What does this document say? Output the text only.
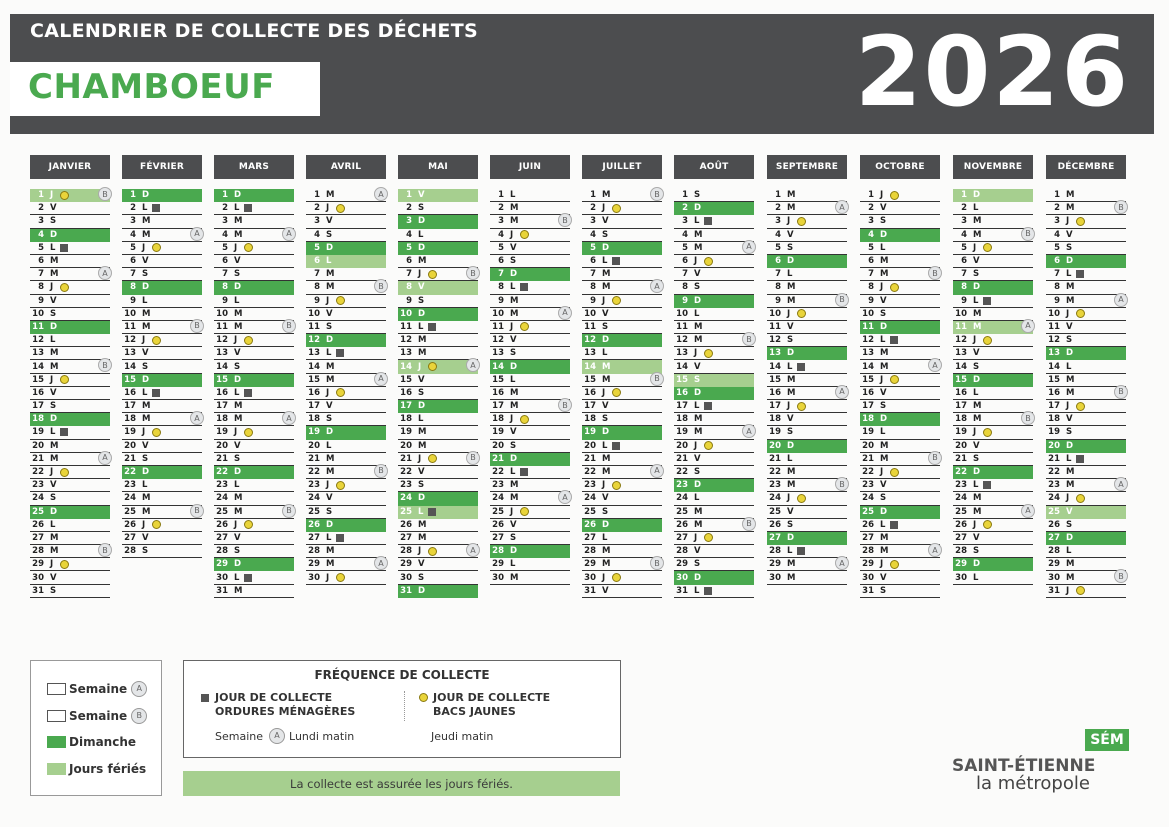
CALENDRIER DE COLLECTE DES DÉCHETS
CHAMBOEUF	2026
JANVIER
1 J	B
2 V
3 S
4 D
5 L
6 M
7 M	A
8 J
9 V
10 S
11 D
12 L
13 M
14 M	B
15 J
16 V
17 S
18 D
19 L
20 M
21 M	A
22 J
23 V
24 S
25 D
26 L
27 M
28 M	B
29 J
30 V
31 S
FÉVRIER
1 D
2 L
3 M
4 M	A
5 J
6 V
7 S
8 D
9 L
10 M
11 M	B
12 J
13 V
14 S
15 D
16 L
17 M
18 M	A
19 J
20 V
21 S
22 D
23 L
24 M
25 M	B
26 J
27 V
28 S
MARS
1 D
2 L
3 M
4 M	A
5 J
6 V
7 S
8 D
9 L
10 M
11 M	B
12 J
13 V
14 S
15 D
16 L
17 M
18 M	A
19 J
20 V
21 S
22 D
23 L
24 M
25 M	B
26 J
27 V
28 S
29 D
30 L
31 M
AVRIL
1 M	A
2 J
3 V
4 S
5 D
6 L
7 M
8 M	B
9 J
10 V
11 S
12 D
13 L
14 M
15 M	A
16 J
17 V
18 S
19 D
20 L
21 M
22 M	B
23 J
24 V
25 S
26 D
27 L
28 M
29 M	A
30 J
MAI
1 V
2 S
3 D
4 L
5 D
6 M
7 J	B
8 V
9 S
10 D
11 L
12 M
13 M
14 J	A
15 V
16 S
17 D
18 L
19 M
20 M
21 J	B
22 V
23 S
24 D
25 L
26 M
27 M
28 J	A
29 V
30 S
31 D
JUIN
1 L
2 M
3 M	B
4 J
5 V
6 S
7 D
8 L
9 M
10 M	A
11 J
12 V
13 S
14 D
15 L
16 M
17 M	B
18 J
19 V
20 S
21 D
22 L
23 M
24 M	A
25 J
26 V
27 S
28 D
29 L
30 M
JUILLET
1 M	B
2 J
3 V
4 S
5 D
6 L
7 M
8 M	A
9 J
10 V
11 S
12 D
13 L
14 M
15 M	B
16 J
17 V
18 S
19 D
20 L
21 M
22 M	A
23 J
24 V
25 S
26 D
27 L
28 M
29 M	B
30 J
31 V
AOÛT
1 S
2 D
3 L
4 M
5 M	A
6 J
7 V
8 S
9 D
10 L
11 M
12 M	B
13 J
14 V
15 S
16 D
17 L
18 M
19 M	A
20 J
21 V
22 S
23 D
24 L
25 M
26 M	B
27 J
28 V
29 S
30 D
31 L
SEPTEMBRE
1 M
2 M	A
3 J
4 V
5 S
6 D
7 L
8 M
9 M	B
10 J
11 V
12 S
13 D
14 L
15 M
16 M	A
17 J
18 V
19 S
20 D
21 L
22 M
23 M	B
24 J
25 V
26 S
27 D
28 L
29 M	A
30 M
OCTOBRE
1 J
2 V
3 S
4 D
5 L
6 M
7 M	B
8 J
9 V
10 S
11 D
12 L
13 M
14 M	A
15 J
16 V
17 S
18 D
19 L
20 M
21 M	B
22 J
23 V
24 S
25 D
26 L
27 M
28 M	A
29 J
30 V
31 S
NOVEMBRE
1 D
2 L
3 M
4 M	B
5 J
6 V
7 S
8 D
9 L
10 M
11 M	A
12 J
13 V
14 S
15 D
16 L
17 M
18 M	B
19 J
20 V
21 S
22 D
23 L
24 M
25 M	A
26 J
27 V
28 S
29 D
30 L
DÉCEMBRE
1 M
2 M	B
3 J
4 V
5 S
6 D
7 L
8 M
9 M	A
10 J
11 V
12 S
13 D
14 L
15 M
16 M	B
17 J
18 V
19 S
20 D
21 L
22 M
23 M	A
24 J
25 V
26 S
27 D
28 L
29 M
30 M	B
31 J
Semaine	A
Semaine	B
Dimanche
Jours fériés
FRÉQUENCE DE COLLECTE
JOUR DE COLLECTE
ORDURES MÉNAGÈRES
Semaine	A Lundi matin
JOUR DE COLLECTE
BACS JAUNES
Jeudi matin
La collecte est assurée les jours fériés.
SÉM
SAINT-ÉTIENNE
la métropole
